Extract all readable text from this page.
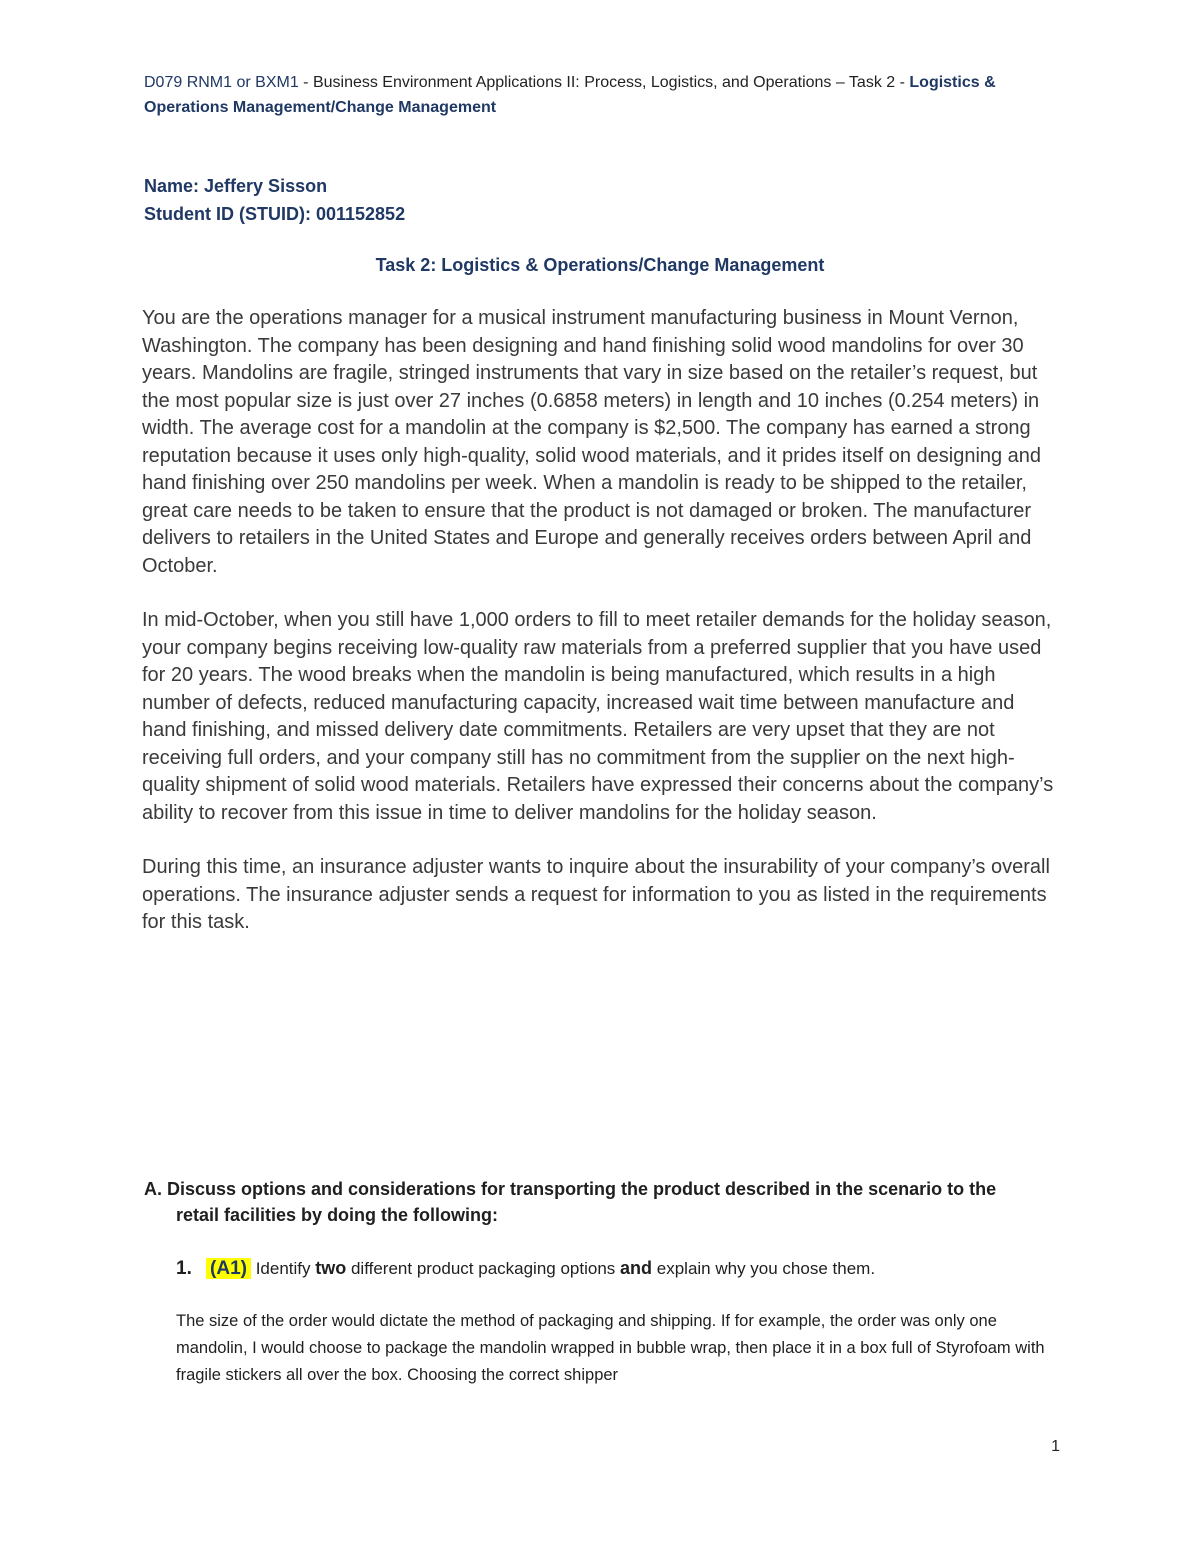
D079 RNM1 or BXM1 - Business Environment Applications II: Process, Logistics, and Operations – Task 2 - Logistics & Operations Management/Change Management
Name: Jeffery Sisson
Student ID (STUID): 001152852
Task 2: Logistics & Operations/Change Management

You are the operations manager for a musical instrument manufacturing business in Mount Vernon, Washington. The company has been designing and hand finishing solid wood mandolins for over 30 years. Mandolins are fragile, stringed instruments that vary in size based on the retailer’s request, but the most popular size is just over 27 inches (0.6858 meters) in length and 10 inches (0.254 meters) in width. The average cost for a mandolin at the company is $2,500. The company has earned a strong reputation because it uses only high-quality, solid wood materials, and it prides itself on designing and hand finishing over 250 mandolins per week. When a mandolin is ready to be shipped to the retailer, great care needs to be taken to ensure that the product is not damaged or broken. The manufacturer delivers to retailers in the United States and Europe and generally receives orders between April and October.

In mid-October, when you still have 1,000 orders to fill to meet retailer demands for the holiday season, your company begins receiving low-quality raw materials from a preferred supplier that you have used for 20 years. The wood breaks when the mandolin is being manufactured, which results in a high number of defects, reduced manufacturing capacity, increased wait time between manufacture and hand finishing, and missed delivery date commitments. Retailers are very upset that they are not receiving full orders, and your company still has no commitment from the supplier on the next high-quality shipment of solid wood materials. Retailers have expressed their concerns about the company’s ability to recover from this issue in time to deliver mandolins for the holiday season.

During this time, an insurance adjuster wants to inquire about the insurability of your company’s overall operations. The insurance adjuster sends a request for information to you as listed in the requirements for this task.

A. Discuss options and considerations for transporting the product described in the scenario to the retail facilities by doing the following:
1. (A1) Identify two different product packaging options and explain why you chose them.
The size of the order would dictate the method of packaging and shipping. If for example, the order was only one mandolin, I would choose to package the mandolin wrapped in bubble wrap, then place it in a box full of Styrofoam with fragile stickers all over the box. Choosing the correct shipper
1
